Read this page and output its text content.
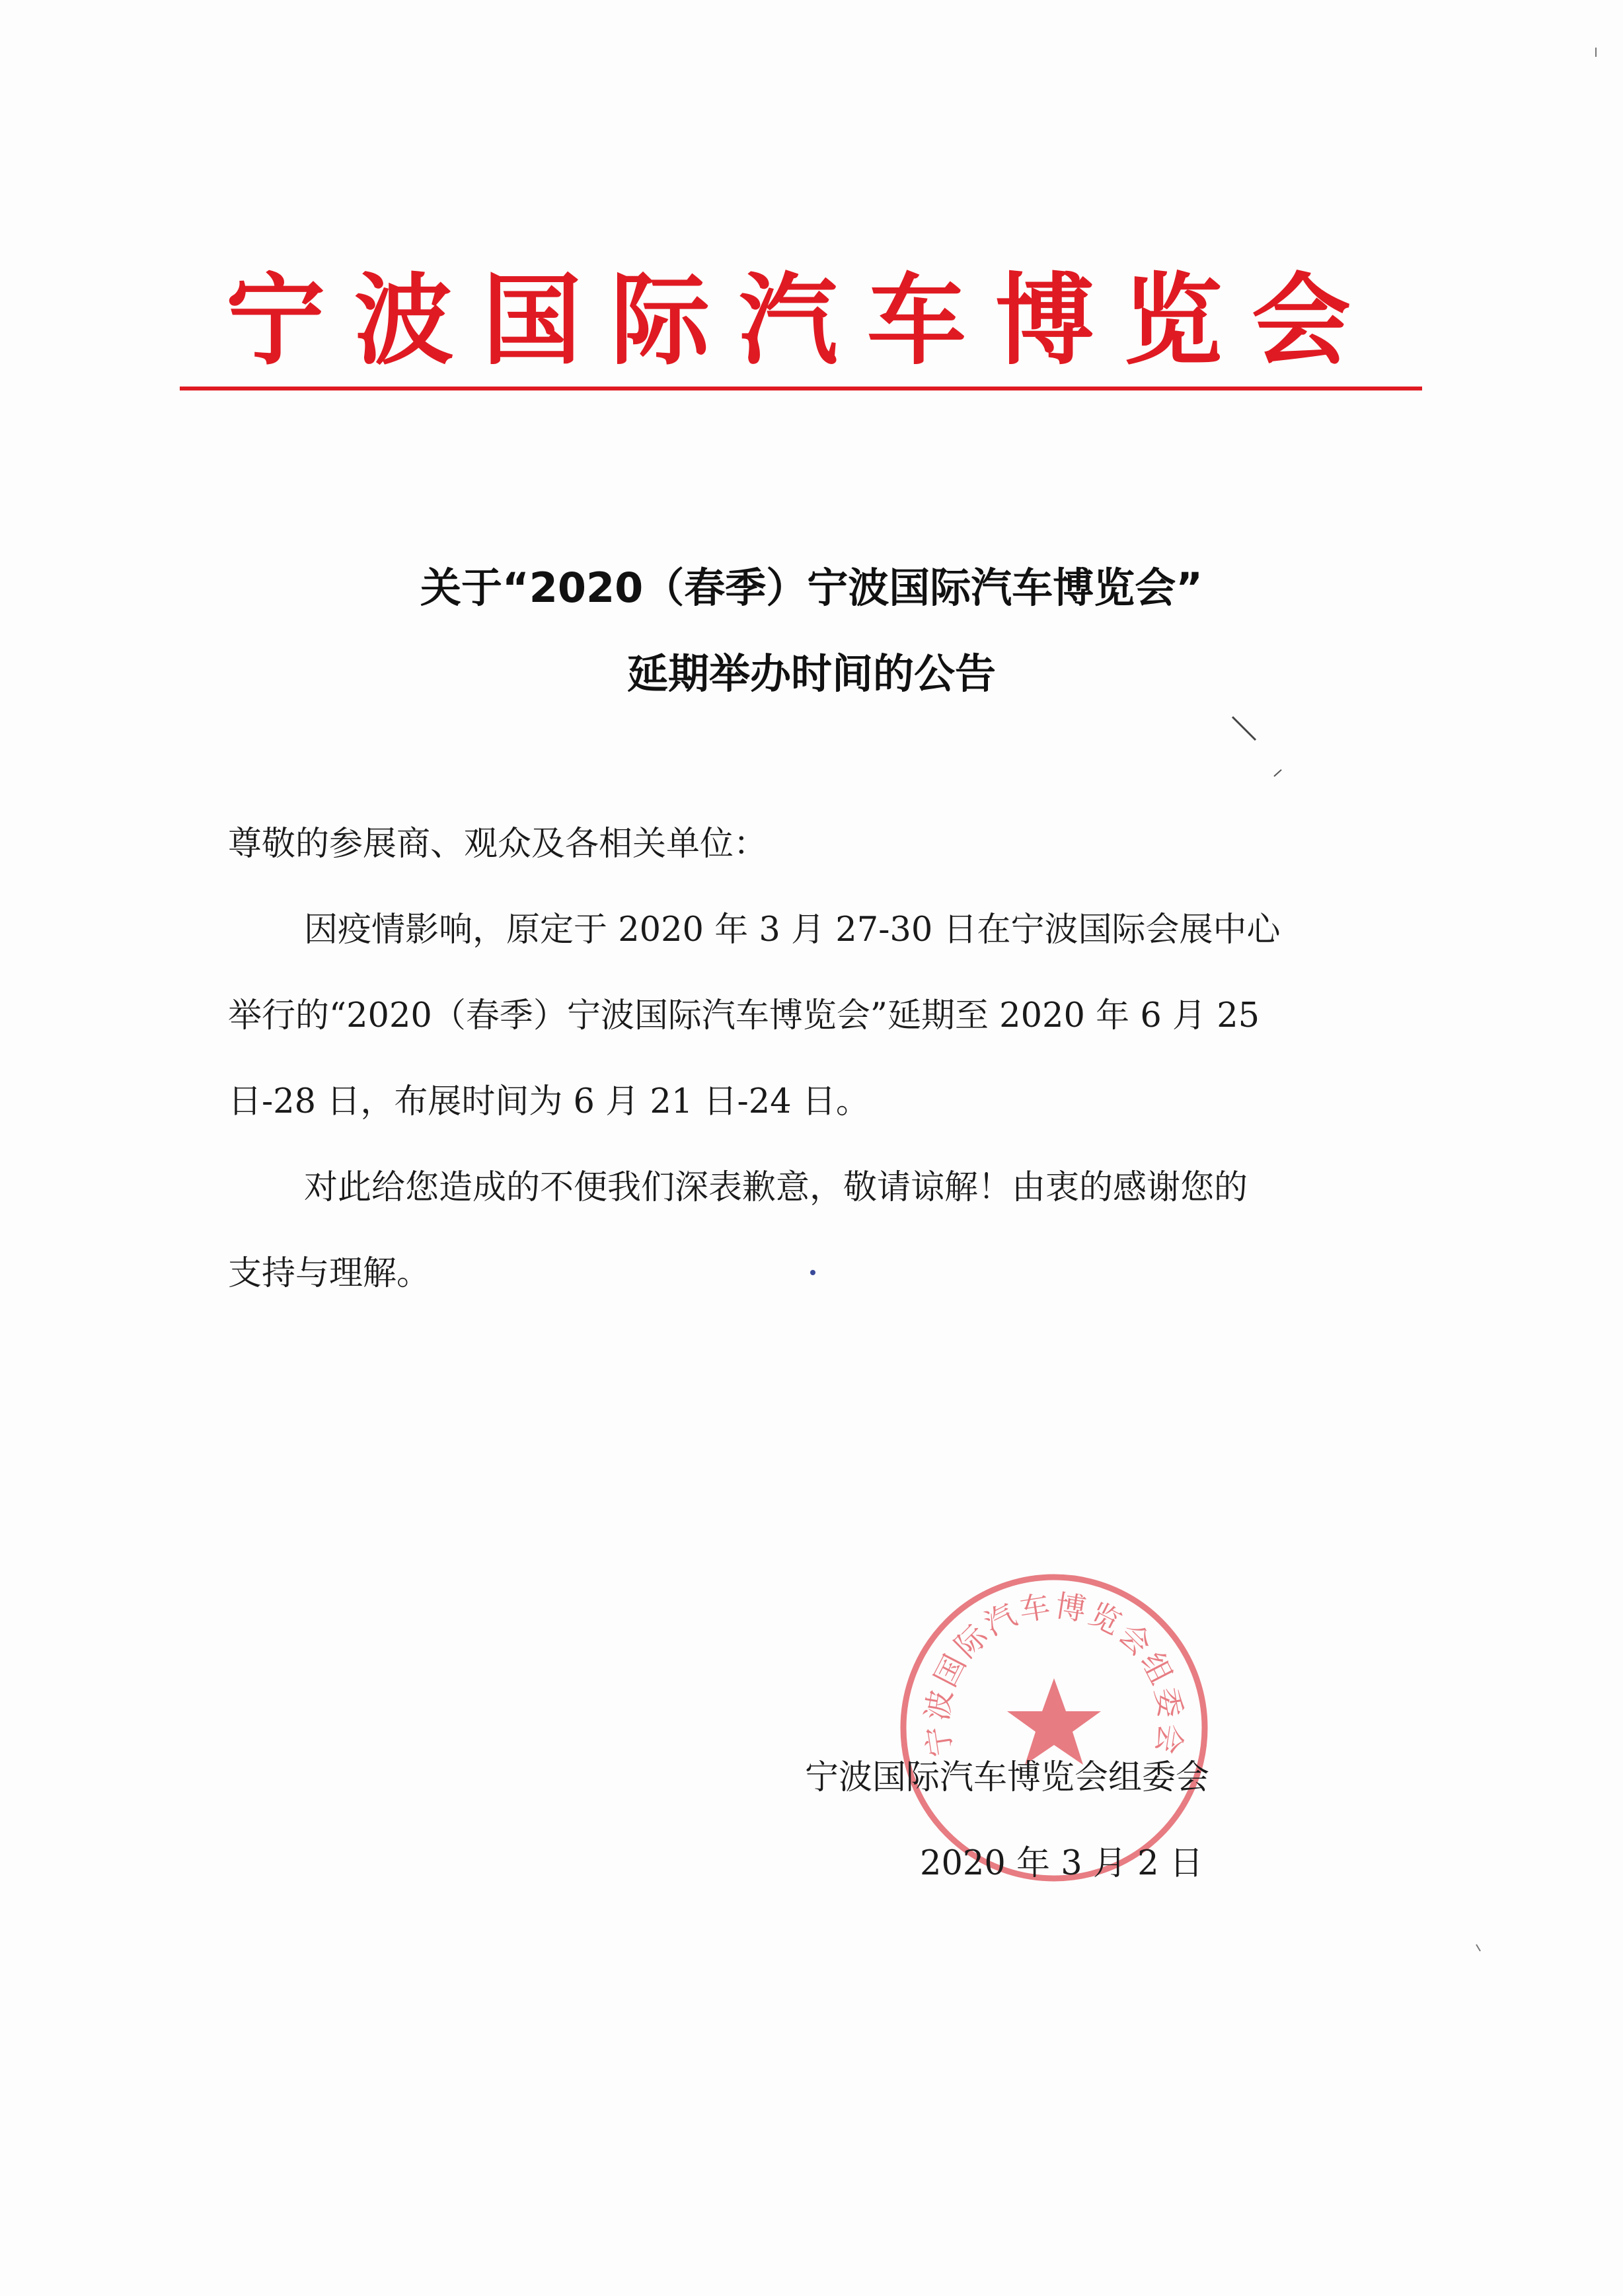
宁波国际汽车博览会
关于“2020（春季）宁波国际汽车博览会”
延期举办时间的公告
尊敬的参展商、观众及各相关单位：
因疫情影响，原定于 2020 年 3 月 27-30 日在宁波国际会展中心
举行的“2020（春季）宁波国际汽车博览会”延期至 2020 年 6 月 25
日-28 日，布展时间为 6 月 21 日-24 日。
对此给您造成的不便我们深表歉意，敬请谅解！由衷的感谢您的
支持与理解。
宁波国际汽车博览会组委会
宁波国际汽车博览会组委会
2020 年 3 月 2 日
